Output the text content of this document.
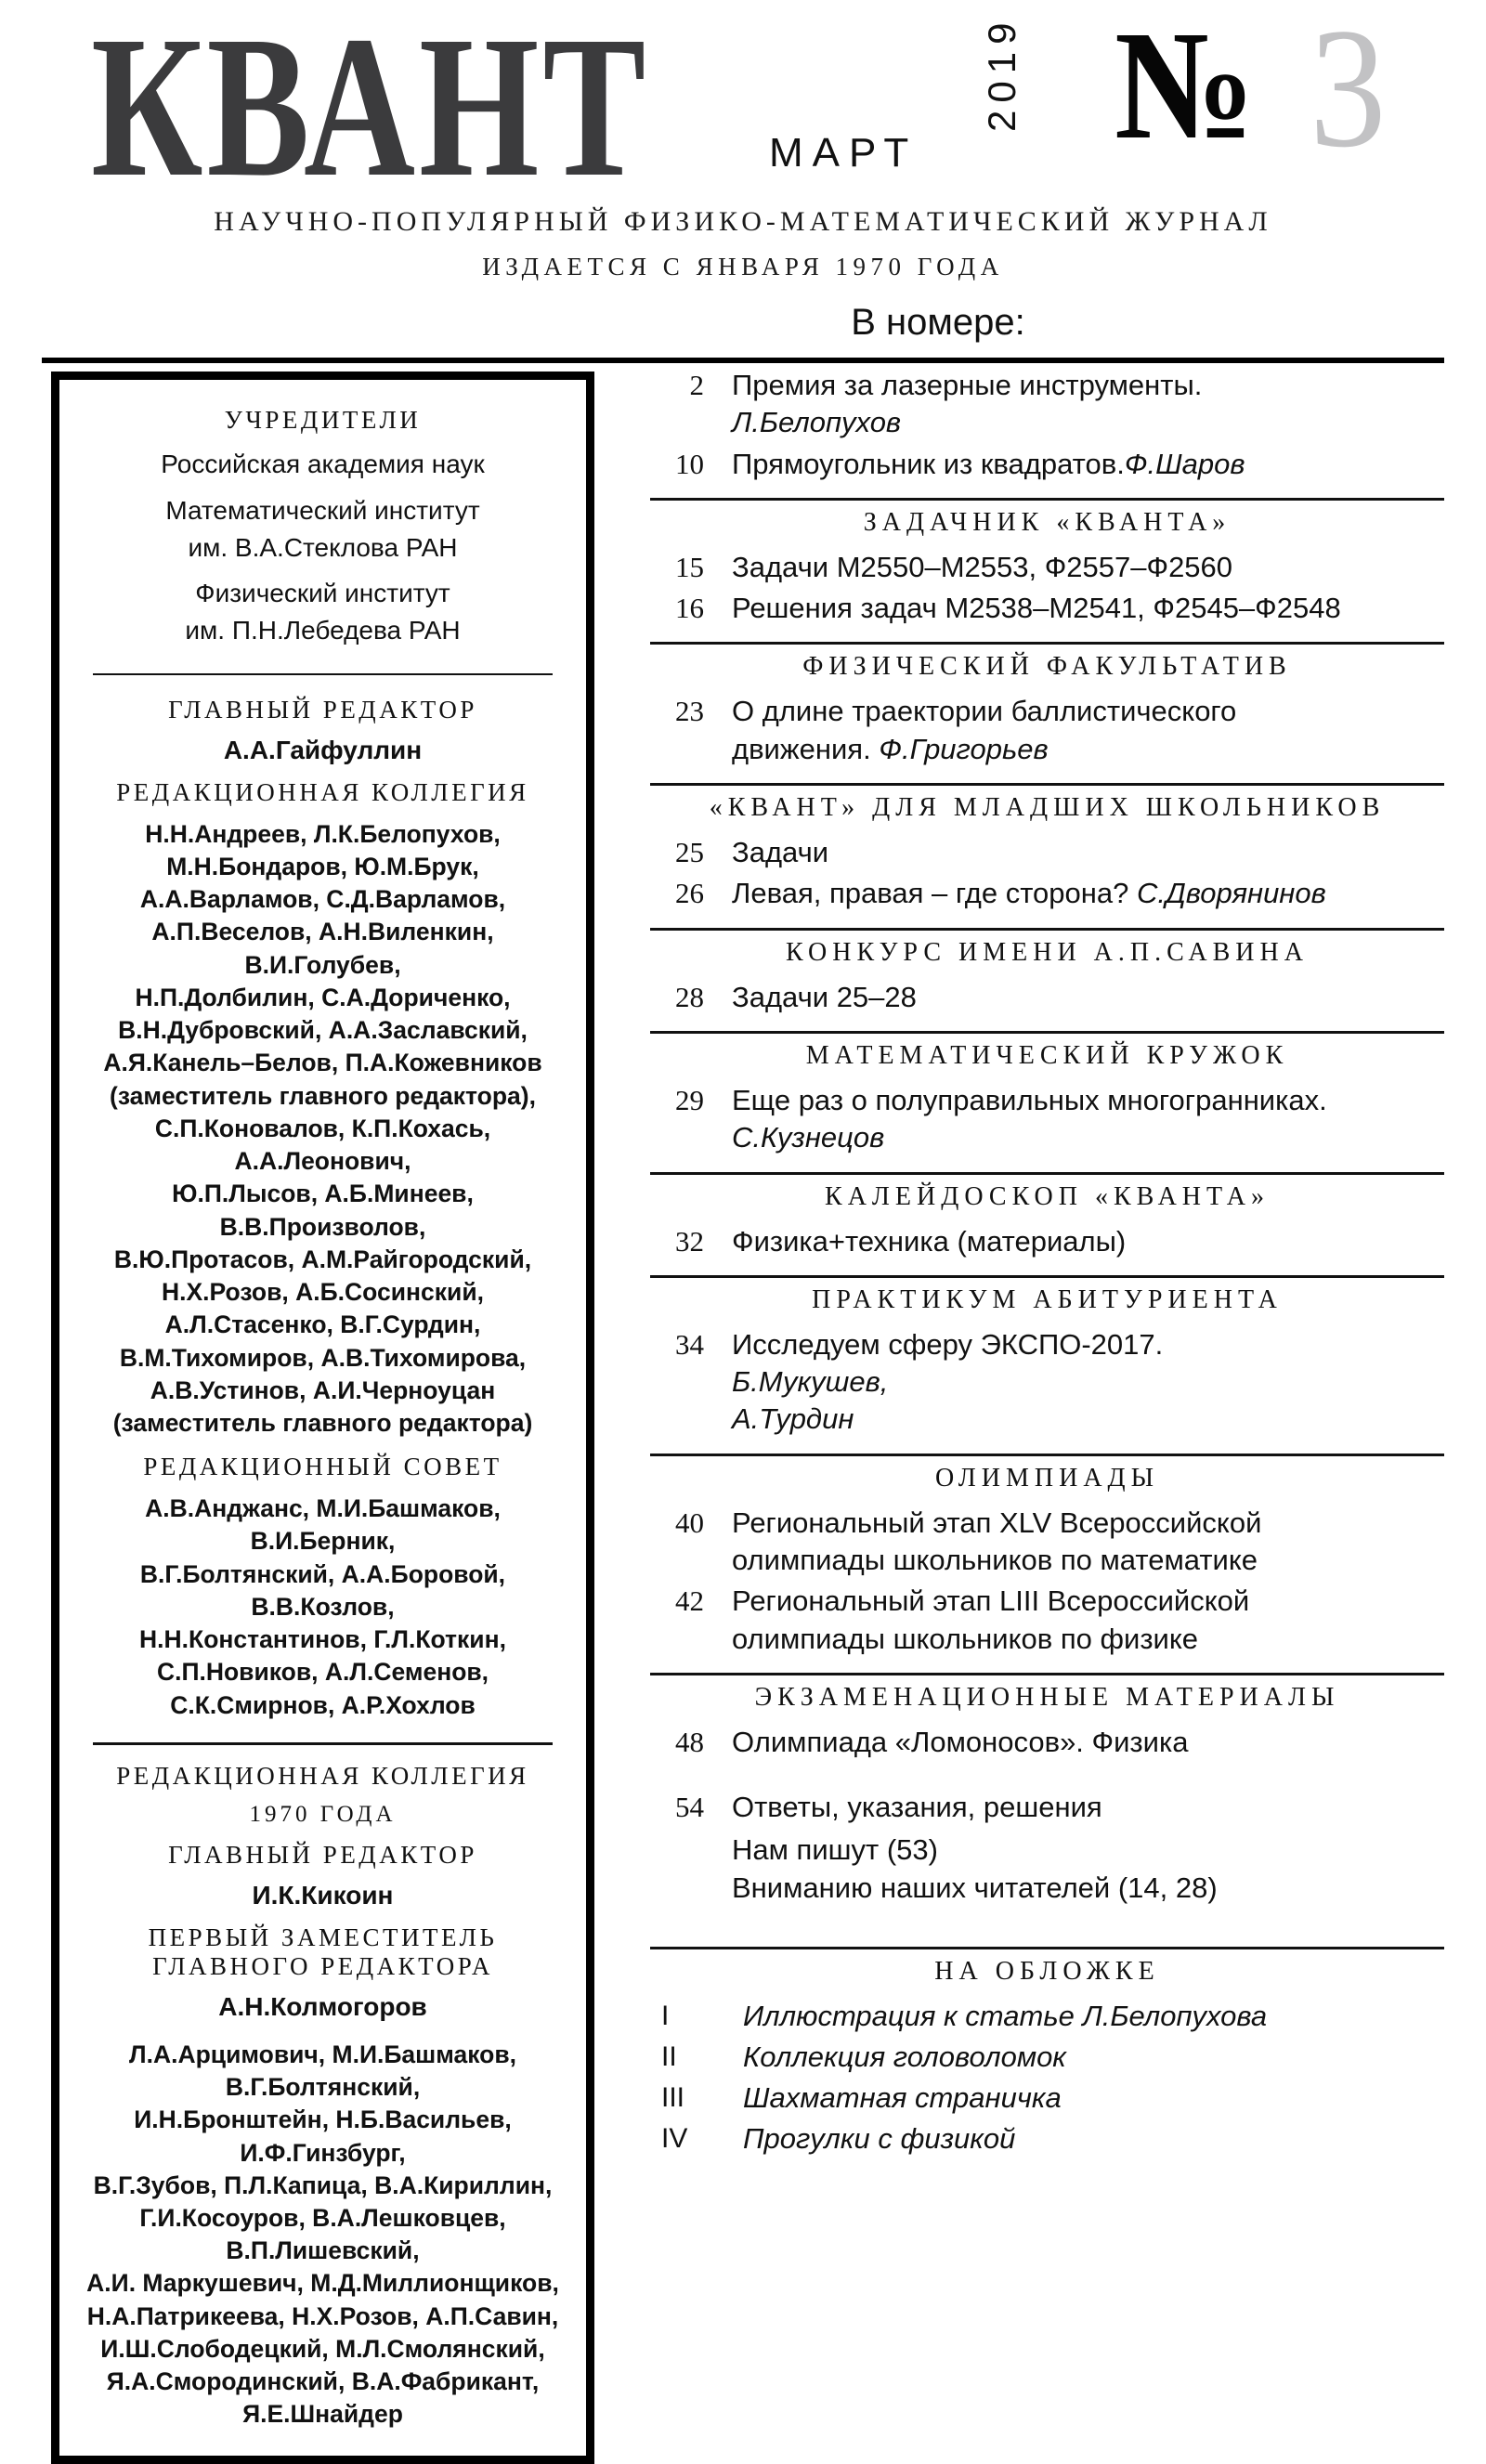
КВАНТ	МАРТ
2019 № 3
НАУЧНО-ПОПУЛЯРНЫЙ ФИЗИКО-МАТЕМАТИЧЕСКИЙ ЖУРНАЛ
ИЗДАЕТСЯ С ЯНВАРЯ 1970 ГОДА
В номере:
УЧРЕДИТЕЛИ
Российская академия наук
Математический институт
им. В.А.Стеклова РАН
Физический институт
им. П.Н.Лебедева РАН
ГЛАВНЫЙ РЕДАКТОР
А.А.Гайфуллин
РЕДАКЦИОННАЯ КОЛЛЕГИЯ
Н.Н.Андреев, Л.К.Белопухов,
М.Н.Бондаров, Ю.М.Брук,
А.А.Варламов, С.Д.Варламов,
А.П.Веселов, А.Н.Виленкин, В.И.Голубев,
Н.П.Долбилин, С.А.Дориченко,
В.Н.Дубровский, А.А.Заславский,
А.Я.Канель–Белов, П.А.Кожевников
(заместитель главного редактора),
С.П.Коновалов, К.П.Кохась, А.А.Леонович,
Ю.П.Лысов, А.Б.Минеев, В.В.Произволов,
В.Ю.Протасов, А.М.Райгородский,
Н.Х.Розов, А.Б.Сосинский,
А.Л.Стасенко, В.Г.Сурдин,
В.М.Тихомиров, А.В.Тихомирова,
А.В.Устинов, А.И.Черноуцан
(заместитель главного редактора)
РЕДАКЦИОННЫЙ СОВЕТ
А.В.Анджанс, М.И.Башмаков, В.И.Берник,
В.Г.Болтянский, А.А.Боровой, В.В.Козлов,
Н.Н.Константинов, Г.Л.Коткин,
С.П.Новиков, А.Л.Семенов,
С.К.Смирнов, А.Р.Хохлов
РЕДАКЦИОННАЯ КОЛЛЕГИЯ
1970 ГОДА
ГЛАВНЫЙ РЕДАКТОР
И.К.Кикоин
ПЕРВЫЙ ЗАМЕСТИТЕЛЬ
ГЛАВНОГО РЕДАКТОРА
А.Н.Колмогоров
Л.А.Арцимович, М.И.Башмаков, В.Г.Болтянский,
И.Н.Бронштейн, Н.Б.Васильев, И.Ф.Гинзбург,
В.Г.Зубов, П.Л.Капица, В.А.Кириллин,
Г.И.Косоуров, В.А.Лешковцев, В.П.Лишевский,
А.И. Маркушевич, М.Д.Миллионщиков,
Н.А.Патрикеева, Н.Х.Розов, А.П.Савин,
И.Ш.Слободецкий, М.Л.Смолянский,
Я.А.Смородинский, В.А.Фабрикант, Я.Е.Шнайдер
2 Премия за лазерные инструменты.
Л.Белопухов
10 Прямоугольник из квадратов.Ф.Шаров
ЗАДАЧНИК «КВАНТА»
15 Задачи М2550–М2553, Ф2557–Ф2560
16 Решения задач М2538–М2541, Ф2545–Ф2548
ФИЗИЧЕСКИЙ ФАКУЛЬТАТИВ
23 О длине траектории баллистического
движения. Ф.Григорьев
«КВАНТ» ДЛЯ МЛАДШИХ ШКОЛЬНИКОВ
25 Задачи
26 Левая, правая – где сторона? С.Дворянинов
КОНКУРС ИМЕНИ А.П.САВИНА
28 Задачи 25–28
МАТЕМАТИЧЕСКИЙ КРУЖОК
29 Еще раз о полуправильных многогранниках.
С.Кузнецов
КАЛЕЙДОСКОП «КВАНТА»
32 Физика+техника (материалы)
ПРАКТИКУМ АБИТУРИЕНТА
34 Исследуем сферу ЭКСПО-2017.
Б.Мукушев,
А.Турдин
ОЛИМПИАДЫ
40 Региональный этап XLV Всероссийской
олимпиады школьников по математике
42 Региональный этап LIII Всероссийской
олимпиады школьников по физике
ЭКЗАМЕНАЦИОННЫЕ МАТЕРИАЛЫ
48 Олимпиада «Ломоносов». Физика
54 Ответы, указания, решения
Нам пишут (53)
Вниманию наших читателей (14, 28)
НА ОБЛОЖКЕ
I	Иллюстрация к статье Л.Белопухова
II	Коллекция головоломок
III	Шахматная страничка
IV	Прогулки с физикой
